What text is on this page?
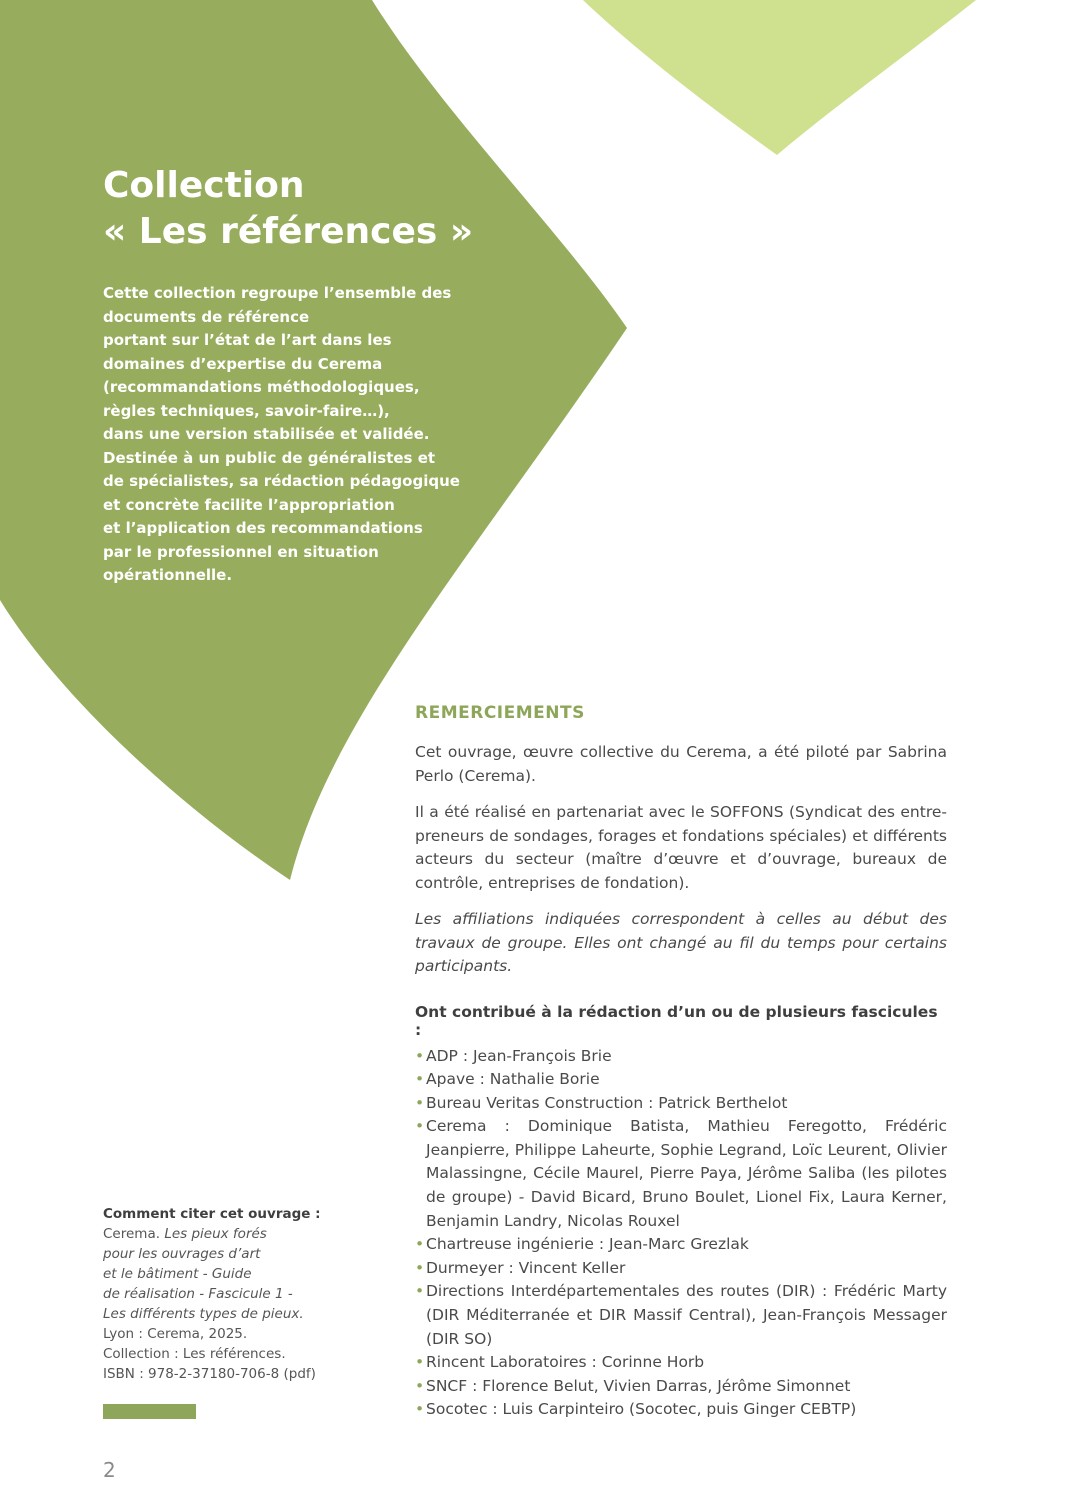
Collection
« Les références »

Cette collection regroupe l’ensemble des
documents de référence
portant sur l’état de l’art dans les
domaines d’expertise du Cerema
(recommandations méthodologiques,
règles techniques, savoir-faire…),
dans une version stabilisée et validée.
Destinée à un public de généralistes et
de spécialistes, sa rédaction pédagogique
et concrète facilite l’appropriation
et l’application des recommandations
par le professionnel en situation
opérationnelle.

REMERCIEMENTS

Cet ouvrage, œuvre collective du Cerema, a été piloté par Sabrina Perlo (Cerema).

Il a été réalisé en partenariat avec le SOFFONS (Syndicat des entrepreneurs de sondages, forages et fondations spéciales) et différents acteurs du secteur (maître d’œuvre et d’ouvrage, bureaux de contrôle, entreprises de fondation).

Les affiliations indiquées correspondent à celles au début des travaux de groupe. Elles ont changé au fil du temps pour certains participants.

Ont contribué à la rédaction d’un ou de plusieurs fascicules :
• ADP : Jean-François Brie
• Apave : Nathalie Borie
• Bureau Veritas Construction : Patrick Berthelot
• Cerema : Dominique Batista, Mathieu Feregotto, Frédéric Jeanpierre, Philippe Laheurte, Sophie Legrand, Loïc Leurent, Olivier Malassingne, Cécile Maurel, Pierre Paya, Jérôme Saliba (les pilotes de groupe) - David Bicard, Bruno Boulet, Lionel Fix, Laura Kerner, Benjamin Landry, Nicolas Rouxel
• Chartreuse ingénierie : Jean-Marc Grezlak
• Durmeyer : Vincent Keller
• Directions Interdépartementales des routes (DIR) : Frédéric Marty (DIR Méditerranée et DIR Massif Central), Jean-François Messager (DIR SO)
• Rincent Laboratoires : Corinne Horb
• SNCF : Florence Belut, Vivien Darras, Jérôme Simonnet
• Socotec : Luis Carpinteiro (Socotec, puis Ginger CEBTP)
Comment citer cet ouvrage :
Cerema. Les pieux forés
pour les ouvrages d’art
et le bâtiment - Guide
de réalisation - Fascicule 1 -
Les différents types de pieux.
Lyon : Cerema, 2025.
Collection : Les références.
ISBN : 978-2-37180-706-8 (pdf)
2
